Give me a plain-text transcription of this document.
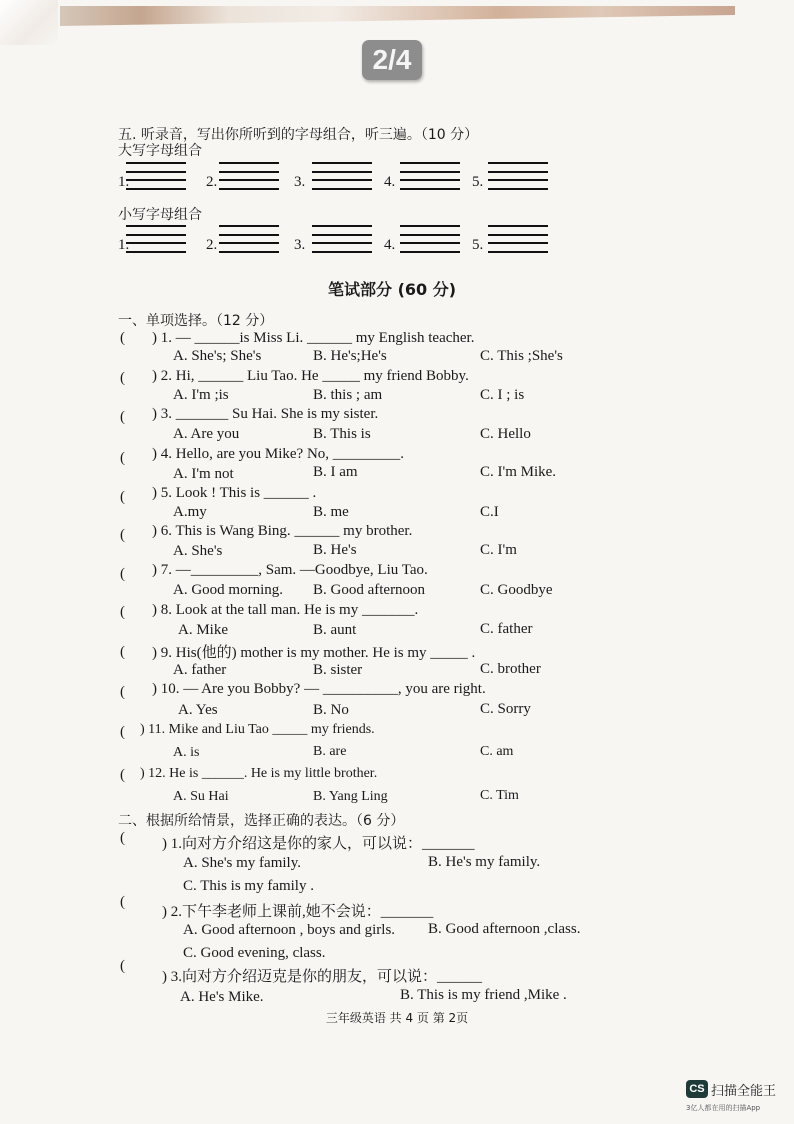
2/4
五. 听录音，写出你所听到的字母组合，听三遍。（10 分）
大写字母组合
1.	2.	3.	4.	5.
小写字母组合
1.	2.	3.	4.	5.
笔试部分 (60 分)
一、单项选择。（12 分）
( ) 1. — ______is Miss Li. ______ my English teacher.
A. She's; She's	B. He's;He's	C. This ;She's
( ) 2. Hi, ______ Liu Tao. He _____ my friend Bobby.
A. I'm ;is	B. this ; am	C. I ; is
( ) 3. _______ Su Hai. She is my sister.
A. Are you	B. This is	C. Hello
( ) 4. Hello, are you Mike? No, _________.
A. I'm not	B. I am	C. I'm Mike.
( ) 5. Look ! This is ______ .
A.my	B. me	C.I
( ) 6. This is Wang Bing. ______ my brother.
A. She's	B. He's	C. I'm
( ) 7. —_________, Sam. —Goodbye, Liu Tao.
A. Good morning. B. Good afternoon	C. Goodbye
( ) 8. Look at the tall man. He is my _______.
A. Mike	B. aunt	C. father
( ) 9. His(他的) mother is my mother. He is my _____ .
A. father	B. sister	C. brother
( ) 10. — Are you Bobby? — __________, you are right.
A. Yes	B. No	C. Sorry
( ) 11. Mike and Liu Tao _____ my friends.
A. is	B. are	C. am
( ) 12. He is ______. He is my little brother.
A. Su Hai	B. Yang Ling	C. Tim
二、根据所给情景，选择正确的表达。（6 分）
( ) 1.向对方介绍这是你的家人，可以说：_______
A. She's my family.	B. He's my family.
C. This is my family .
(
) 2.下午李老师上课前,她不会说：_______
A. Good afternoon , boys and girls. B. Good afternoon ,class.
C. Good evening, class.
(
) 3.向对方介绍迈克是你的朋友，可以说：______
A. He's Mike.	B. This is my friend ,Mike .
三年级英语 共 4 页 第 2页
CS 扫描全能王
3亿人都在用的扫描App
